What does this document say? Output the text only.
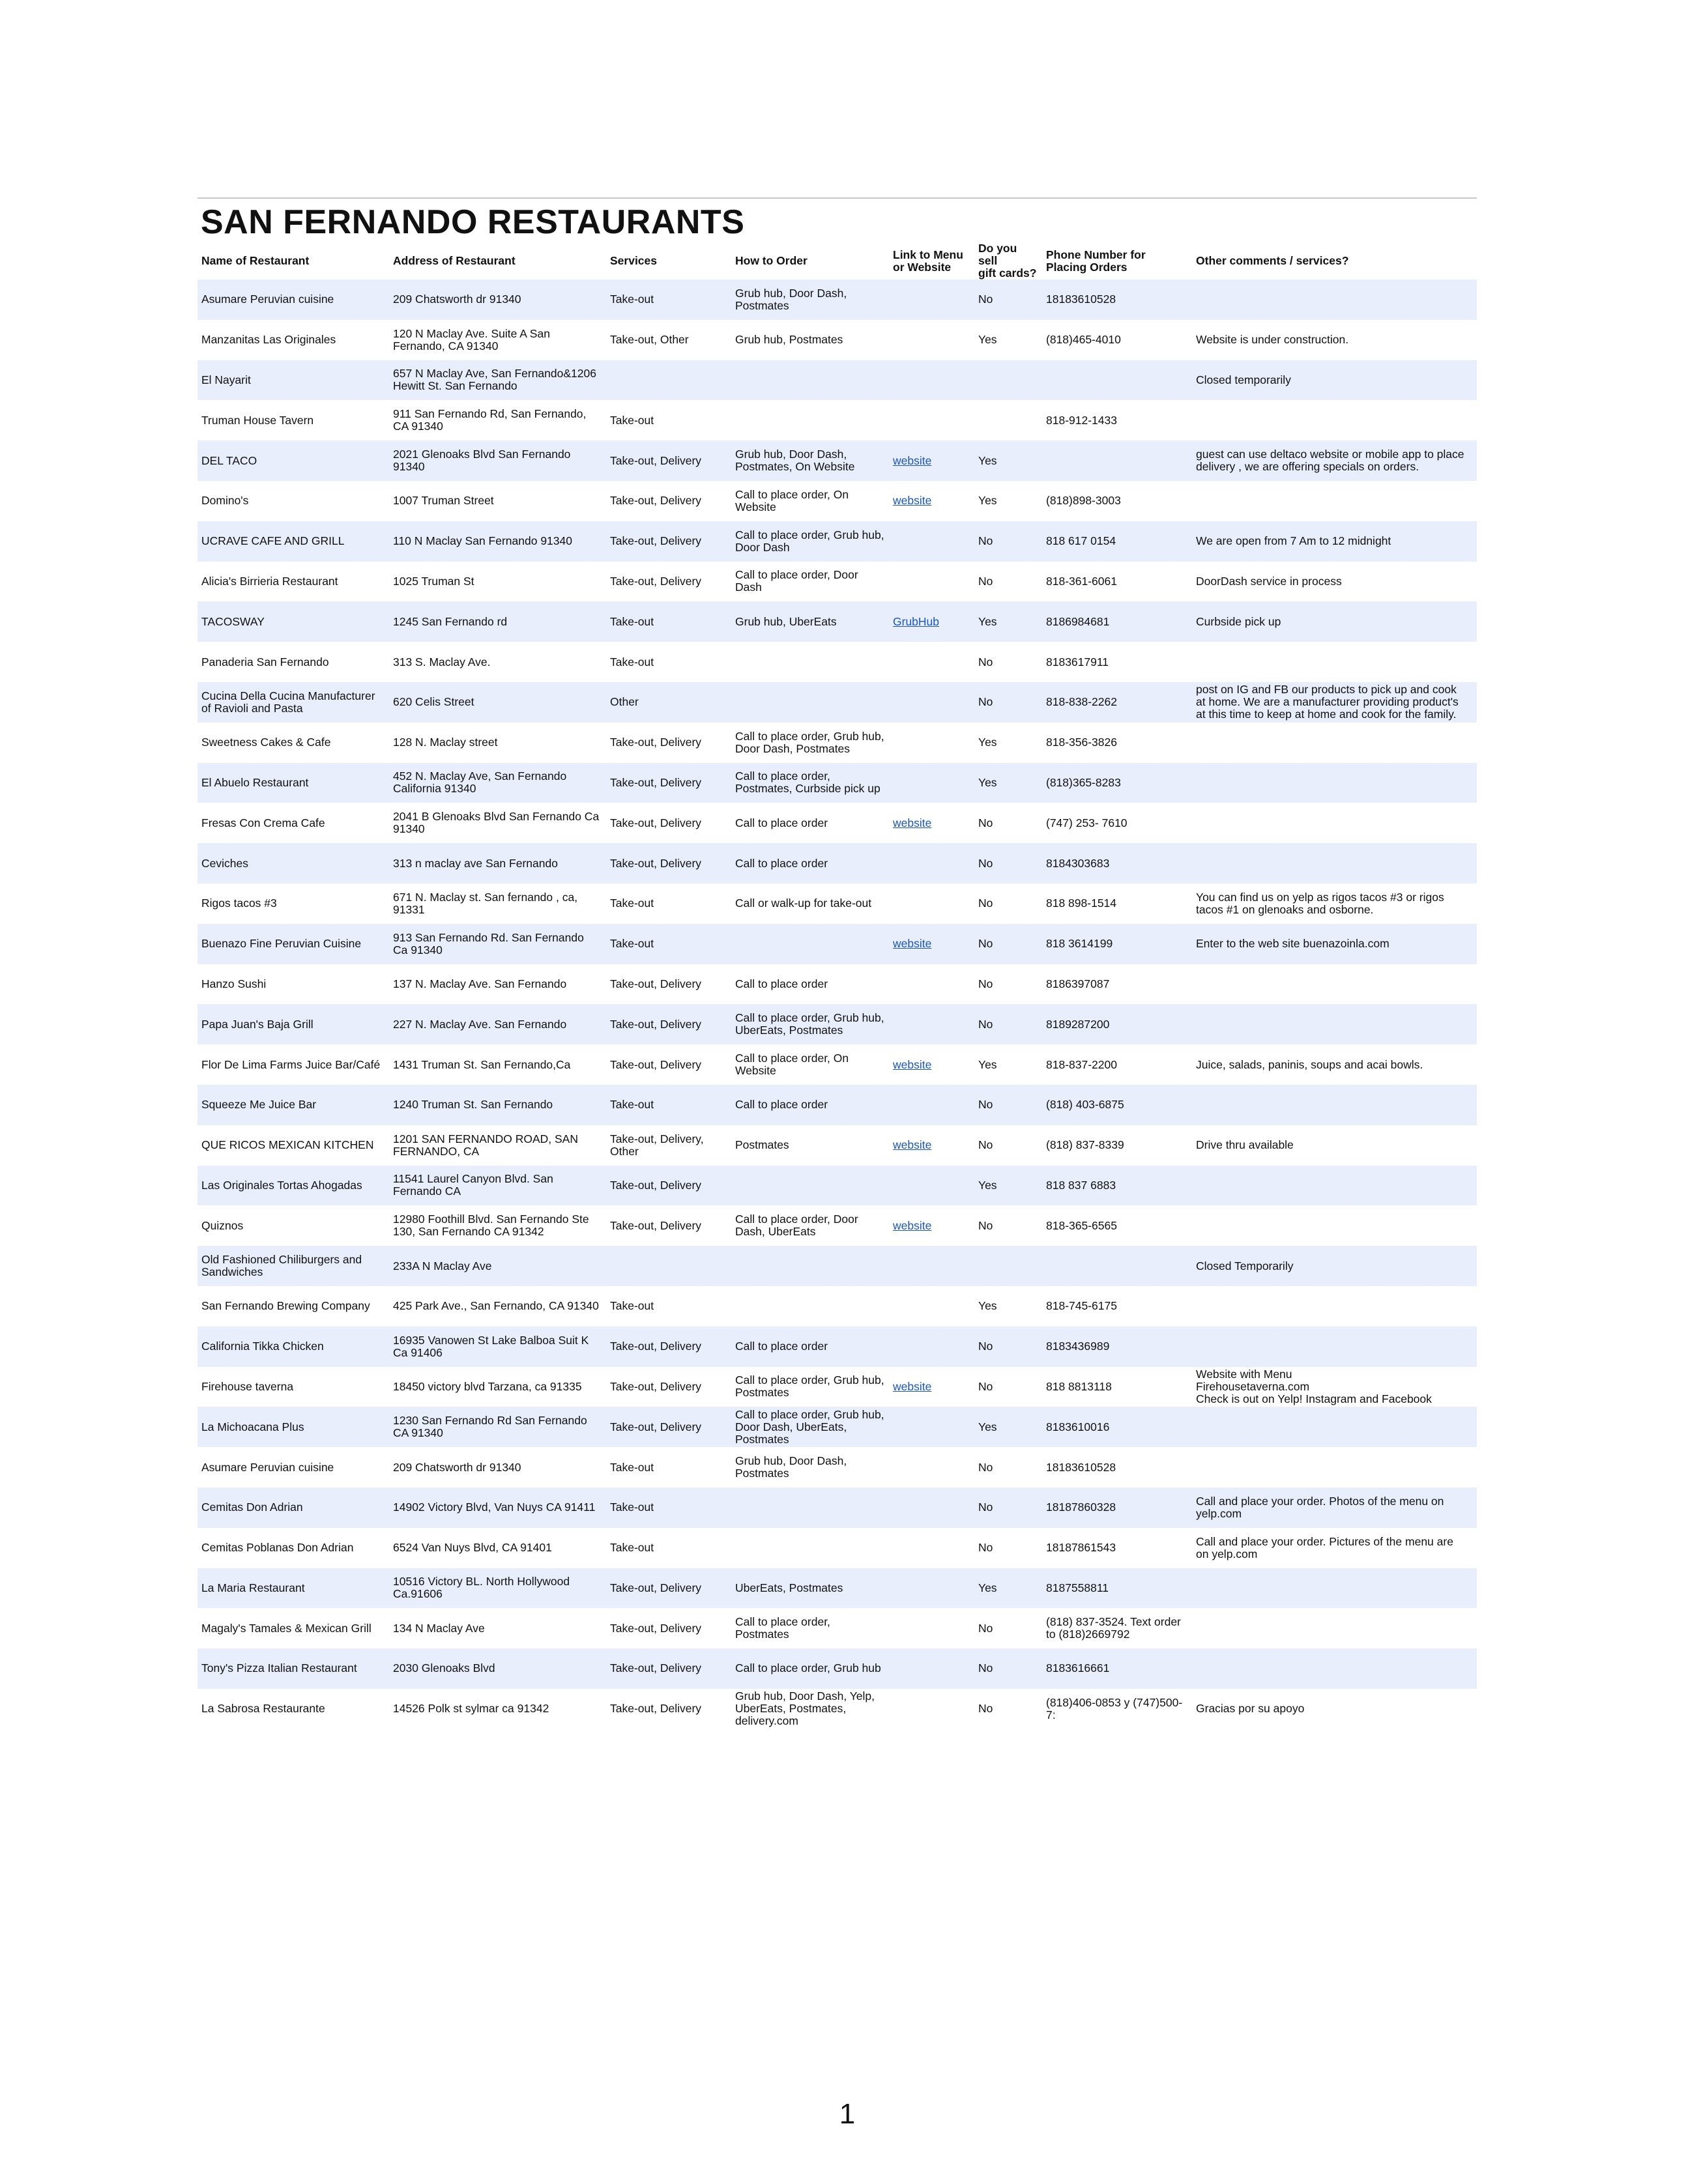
SAN FERNANDO RESTAURANTS
Name of Restaurant	Address of Restaurant	Services	How to Order	Link to Menu
or Website	Do you sell
gift cards?	Phone Number for
Placing Orders	Other comments / services?
Asumare Peruvian cuisine	209 Chatsworth dr 91340	Take-out	Grub hub, Door Dash,
Postmates		No	18183610528	
Manzanitas Las Originales	120 N Maclay Ave. Suite A San
Fernando, CA 91340	Take-out, Other	Grub hub, Postmates		Yes	(818)465-4010	Website is under construction.
El Nayarit	657 N Maclay Ave, San Fernando&1206
Hewitt St. San Fernando						Closed temporarily
Truman House Tavern	911 San Fernando Rd, San Fernando,
CA 91340	Take-out				818-912-1433	
DEL TACO	2021 Glenoaks Blvd San Fernando
91340	Take-out, Delivery	Grub hub, Door Dash,
Postmates, On Website	website	Yes		guest can use deltaco website or mobile app to place
delivery , we are offering specials on orders.
Domino's	1007 Truman Street	Take-out, Delivery	Call to place order, On
Website	website	Yes	(818)898-3003	
UCRAVE CAFE AND GRILL	110 N Maclay San Fernando 91340	Take-out, Delivery	Call to place order, Grub hub,
Door Dash		No	818 617 0154	We are open from 7 Am to 12 midnight
Alicia's Birrieria Restaurant	1025 Truman St	Take-out, Delivery	Call to place order, Door
Dash		No	818-361-6061	DoorDash service in process
TACOSWAY	1245 San Fernando rd	Take-out	Grub hub, UberEats	GrubHub	Yes	8186984681	Curbside pick up
Panaderia San Fernando	313 S. Maclay Ave.	Take-out			No	8183617911	
Cucina Della Cucina Manufacturer
of Ravioli and Pasta	620 Celis Street	Other			No	818-838-2262	post on IG and FB our products to pick up and cook
at home. We are a manufacturer providing product's
at this time to keep at home and cook for the family.
Sweetness Cakes & Cafe	128 N. Maclay street	Take-out, Delivery	Call to place order, Grub hub,
Door Dash, Postmates		Yes	818-356-3826	
El Abuelo Restaurant	452 N. Maclay Ave, San Fernando
California 91340	Take-out, Delivery	Call to place order,
Postmates, Curbside pick up		Yes	(818)365-8283	
Fresas Con Crema Cafe	2041 B Glenoaks Blvd San Fernando Ca
91340	Take-out, Delivery	Call to place order	website	No	(747) 253- 7610	
Ceviches	313 n maclay ave San Fernando	Take-out, Delivery	Call to place order		No	8184303683	
Rigos tacos #3	671 N. Maclay st. San fernando , ca,
91331	Take-out	Call or walk-up for take-out		No	818 898-1514	You can find us on yelp as rigos tacos #3 or rigos
tacos #1 on glenoaks and osborne.
Buenazo Fine Peruvian Cuisine	913 San Fernando Rd. San Fernando
Ca 91340	Take-out		website	No	818 3614199	Enter to the web site buenazoinla.com
Hanzo Sushi	137 N. Maclay Ave. San Fernando	Take-out, Delivery	Call to place order		No	8186397087	
Papa Juan's Baja Grill	227 N. Maclay Ave. San Fernando	Take-out, Delivery	Call to place order, Grub hub,
UberEats, Postmates		No	8189287200	
Flor De Lima Farms Juice Bar/Café	1431 Truman St. San Fernando,Ca	Take-out, Delivery	Call to place order, On
Website	website	Yes	818-837-2200	Juice, salads, paninis, soups and acai bowls.
Squeeze Me Juice Bar	1240 Truman St. San Fernando	Take-out	Call to place order		No	(818) 403-6875	
QUE RICOS MEXICAN KITCHEN	1201 SAN FERNANDO ROAD, SAN
FERNANDO, CA	Take-out, Delivery,
Other	Postmates	website	No	(818) 837-8339	Drive thru available
Las Originales Tortas Ahogadas	11541 Laurel Canyon Blvd. San
Fernando CA	Take-out, Delivery			Yes	818 837 6883	
Quiznos	12980 Foothill Blvd. San Fernando Ste
130, San Fernando CA 91342	Take-out, Delivery	Call to place order, Door
Dash, UberEats	website	No	818-365-6565	
Old Fashioned Chiliburgers and
Sandwiches	233A N Maclay Ave						Closed Temporarily
San Fernando Brewing Company	425 Park Ave., San Fernando, CA 91340	Take-out			Yes	818-745-6175	
California Tikka Chicken	16935 Vanowen St Lake Balboa Suit K
Ca 91406	Take-out, Delivery	Call to place order		No	8183436989	
Firehouse taverna	18450 victory blvd Tarzana, ca 91335	Take-out, Delivery	Call to place order, Grub hub,
Postmates	website	No	818 8813118	Website with Menu
Firehousetaverna.com
Check is out on Yelp! Instagram and Facebook
La Michoacana Plus	1230 San Fernando Rd San Fernando
CA 91340	Take-out, Delivery	Call to place order, Grub hub,
Door Dash, UberEats,
Postmates		Yes	8183610016	
Asumare Peruvian cuisine	209 Chatsworth dr 91340	Take-out	Grub hub, Door Dash,
Postmates		No	18183610528	
Cemitas Don Adrian	14902 Victory Blvd, Van Nuys CA 91411	Take-out			No	18187860328	Call and place your order. Photos of the menu on
yelp.com
Cemitas Poblanas Don Adrian	6524 Van Nuys Blvd, CA 91401	Take-out			No	18187861543	Call and place your order. Pictures of the menu are
on yelp.com
La Maria Restaurant	10516 Victory BL. North Hollywood
Ca.91606	Take-out, Delivery	UberEats, Postmates		Yes	8187558811	
Magaly's Tamales & Mexican Grill	134 N Maclay Ave	Take-out, Delivery	Call to place order,
Postmates		No	(818) 837-3524. Text order
to (818)2669792	
Tony's Pizza Italian Restaurant	2030 Glenoaks Blvd	Take-out, Delivery	Call to place order, Grub hub		No	8183616661	
La Sabrosa Restaurante	14526 Polk st sylmar ca 91342	Take-out, Delivery	Grub hub, Door Dash, Yelp,
UberEats, Postmates,
delivery.com		No	(818)406-0853 y (747)500-7:	Gracias por su apoyo
1
